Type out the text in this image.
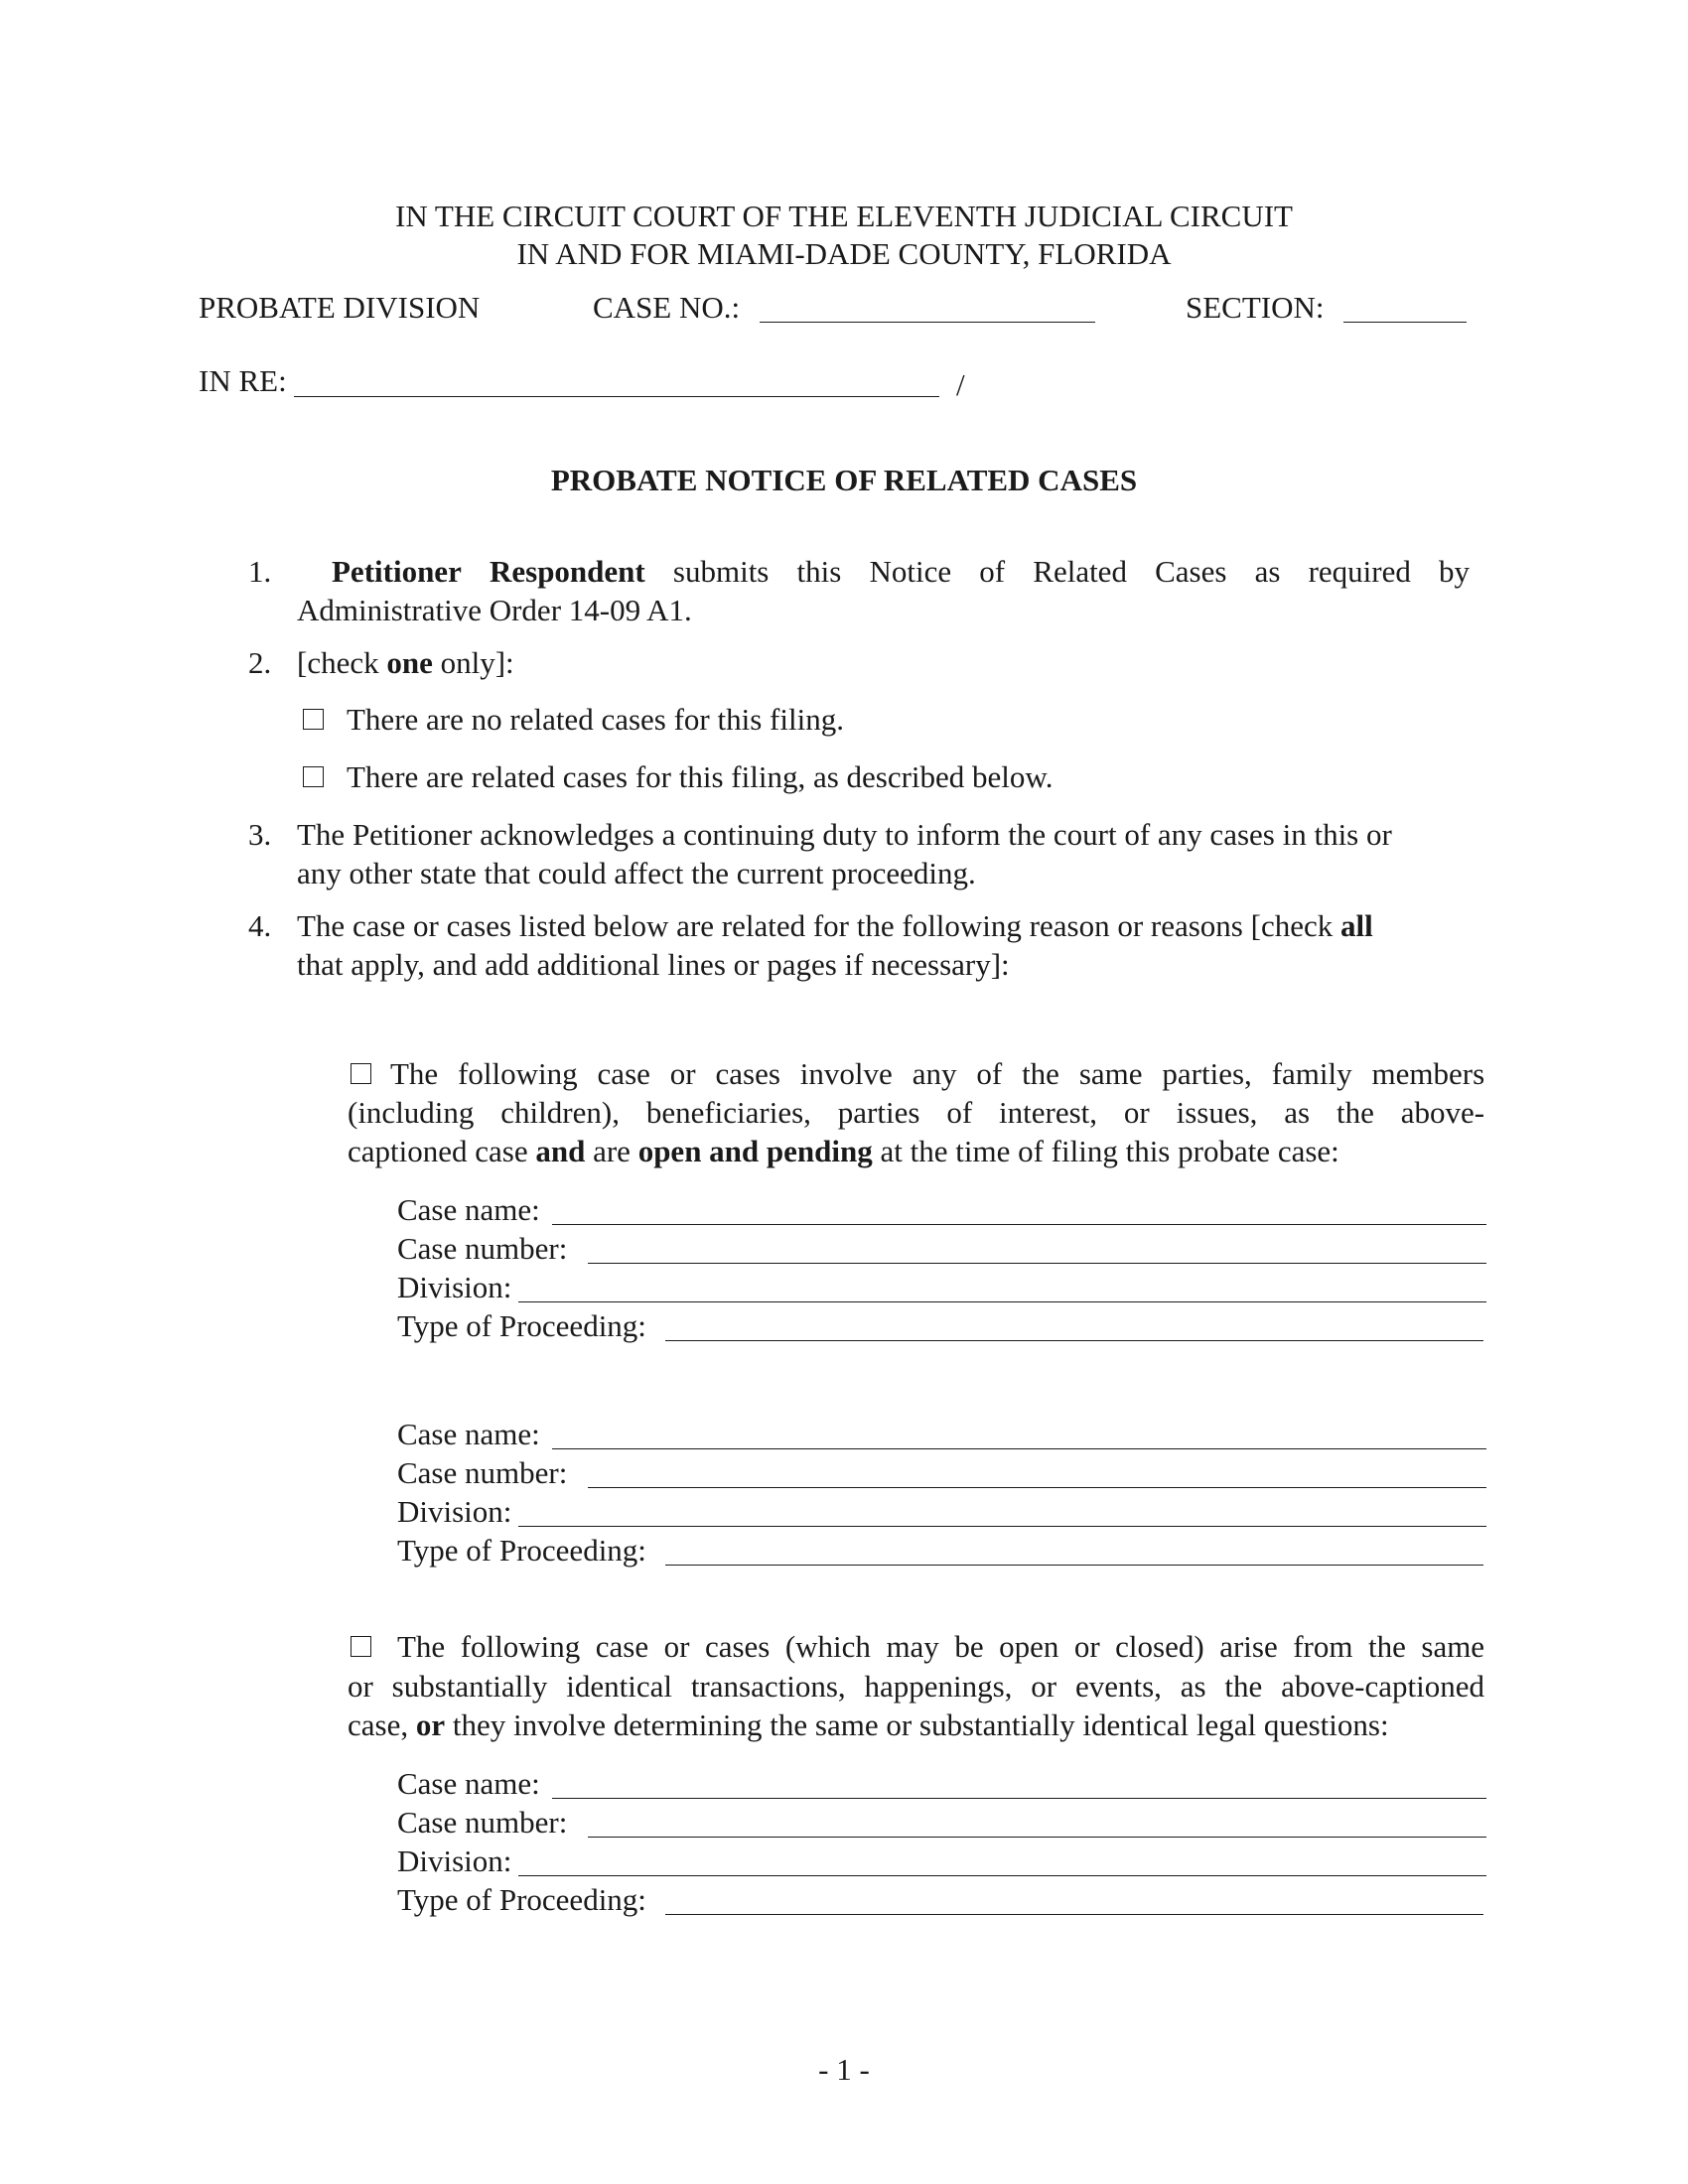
IN THE CIRCUIT COURT OF THE ELEVENTH JUDICIAL CIRCUIT
IN AND FOR MIAMI-DADE COUNTY, FLORIDA
PROBATE DIVISION	CASE NO.:	SECTION:
IN RE:	/
PROBATE NOTICE OF RELATED CASES
1. Petitioner Respondent submits this Notice of Related Cases as required by
Administrative Order 14-09 A1.
2. [check one only]:
There are no related cases for this filing.
There are related cases for this filing, as described below.
3. The Petitioner acknowledges a continuing duty to inform the court of any cases in this or
any other state that could affect the current proceeding.
4. The case or cases listed below are related for the following reason or reasons [check all
that apply, and add additional lines or pages if necessary]:
The following case or cases involve any of the same parties, family members
(including children), beneficiaries, parties of interest, or issues, as the above-
captioned case and are open and pending at the time of filing this probate case:
Case name:
Case number:
Division:
Type of Proceeding:
Case name:
Case number:
Division:
Type of Proceeding:
The following case or cases (which may be open or closed) arise from the same
or substantially identical transactions, happenings, or events, as the above-captioned
case, or they involve determining the same or substantially identical legal questions:
Case name:
Case number:
Division:
Type of Proceeding:
- 1 -
